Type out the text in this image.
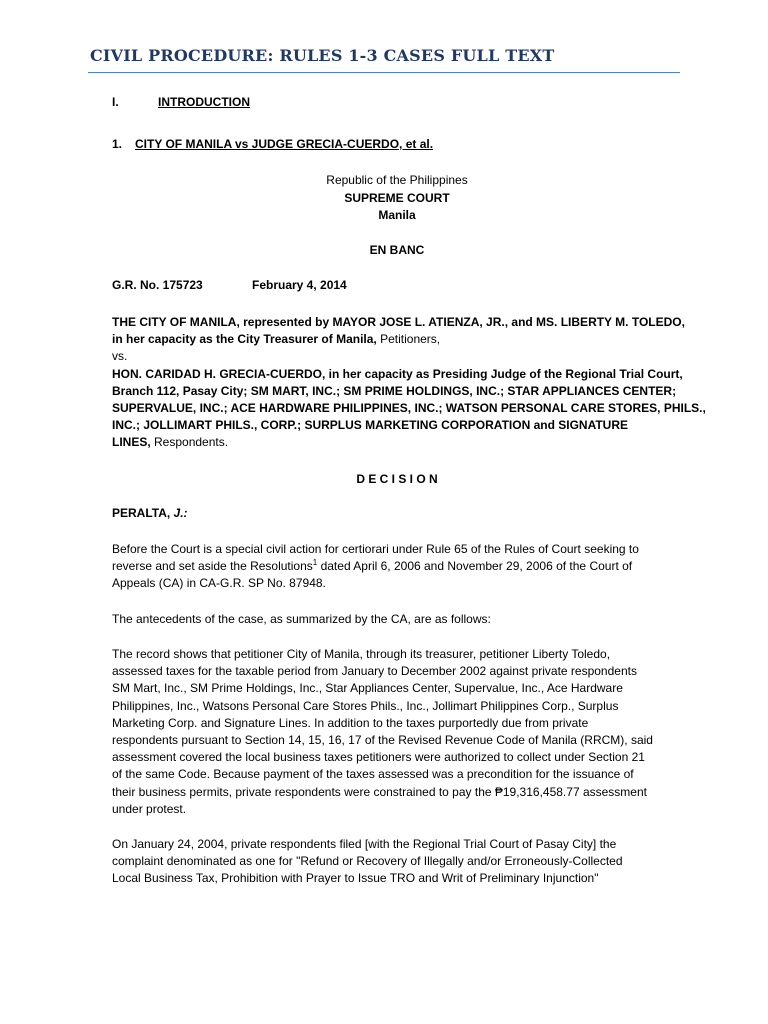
CIVIL PROCEDURE: RULES 1-3 CASES FULL TEXT
I.	INTRODUCTION
1. CITY OF MANILA vs JUDGE GRECIA-CUERDO, et al.
Republic of the Philippines
SUPREME COURT
Manila
EN BANC
G.R. No. 175723	February 4, 2014
THE CITY OF MANILA, represented by MAYOR JOSE L. ATIENZA, JR., and MS. LIBERTY M. TOLEDO,
in her capacity as the City Treasurer of Manila, Petitioners,
vs.
HON. CARIDAD H. GRECIA-CUERDO, in her capacity as Presiding Judge of the Regional Trial Court,
Branch 112, Pasay City; SM MART, INC.; SM PRIME HOLDINGS, INC.; STAR APPLIANCES CENTER;
SUPERVALUE, INC.; ACE HARDWARE PHILIPPINES, INC.; WATSON PERSONAL CARE STORES, PHILS.,
INC.; JOLLIMART PHILS., CORP.; SURPLUS MARKETING CORPORATION and SIGNATURE
LINES, Respondents.
D E C I S I O N
PERALTA, J.:
Before the Court is a special civil action for certiorari under Rule 65 of the Rules of Court seeking to
reverse and set aside the Resolutions$^1$ dated April 6, 2006 and November 29, 2006 of the Court of
Appeals (CA) in CA-G.R. SP No. 87948.
The antecedents of the case, as summarized by the CA, are as follows:
The record shows that petitioner City of Manila, through its treasurer, petitioner Liberty Toledo,
assessed taxes for the taxable period from January to December 2002 against private respondents
SM Mart, Inc., SM Prime Holdings, Inc., Star Appliances Center, Supervalue, Inc., Ace Hardware
Philippines, Inc., Watsons Personal Care Stores Phils., Inc., Jollimart Philippines Corp., Surplus
Marketing Corp. and Signature Lines. In addition to the taxes purportedly due from private
respondents pursuant to Section 14, 15, 16, 17 of the Revised Revenue Code of Manila (RRCM), said
assessment covered the local business taxes petitioners were authorized to collect under Section 21
of the same Code. Because payment of the taxes assessed was a precondition for the issuance of
their business permits, private respondents were constrained to pay the ₱19,316,458.77 assessment
under protest.
On January 24, 2004, private respondents filed [with the Regional Trial Court of Pasay City] the
complaint denominated as one for "Refund or Recovery of Illegally and/or Erroneously-Collected
Local Business Tax, Prohibition with Prayer to Issue TRO and Writ of Preliminary Injunction"
